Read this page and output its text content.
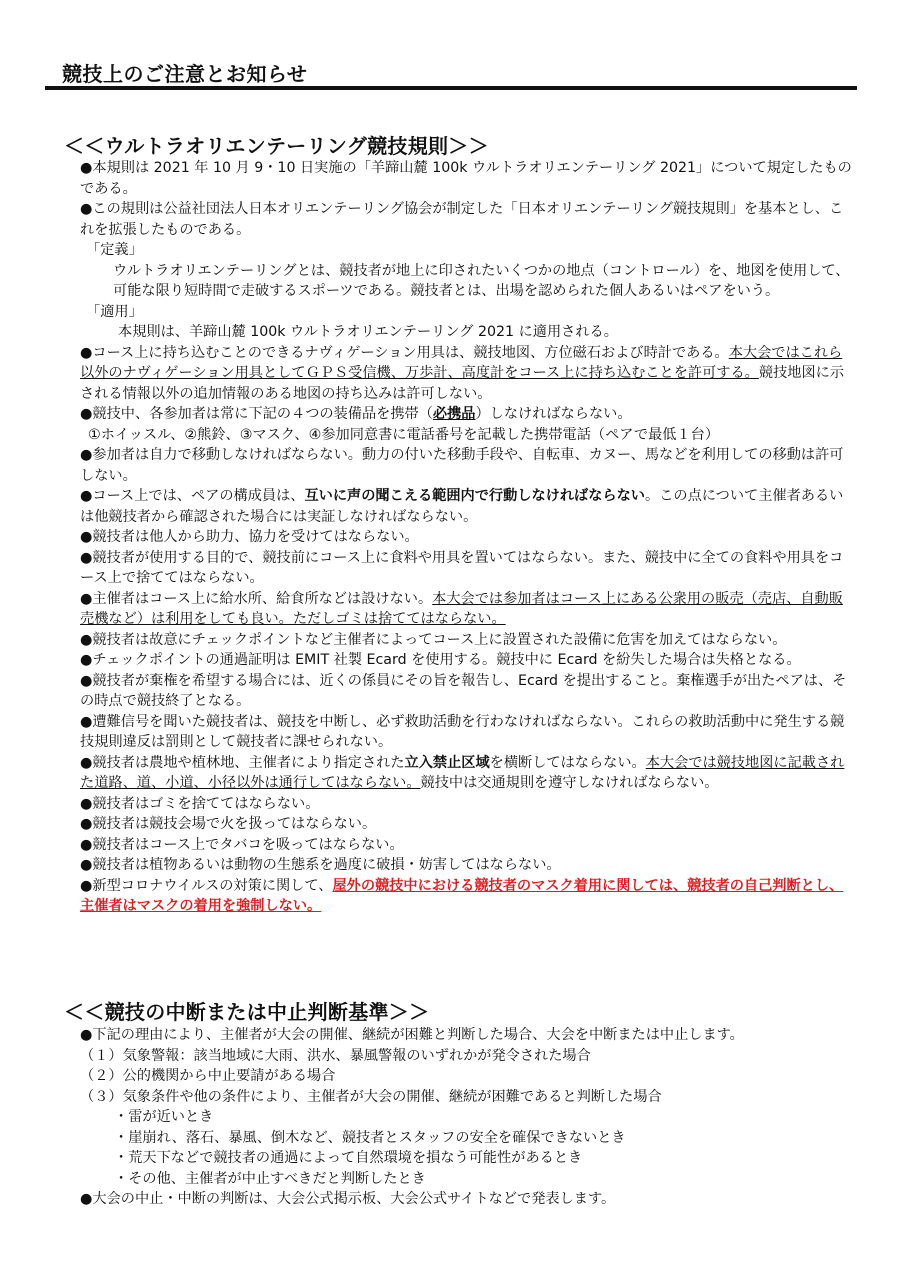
競技上のご注意とお知らせ
＜＜ウルトラオリエンテーリング競技規則＞＞

●本規則は 2021 年 10 月 9・10 日実施の「羊蹄山麓 100k ウルトラオリエンテーリング 2021」について規定したものである。

●この規則は公益社団法人日本オリエンテーリング協会が制定した「日本オリエンテーリング競技規則」を基本とし、これを拡張したものである。

「定義」

ウルトラオリエンテーリングとは、競技者が地上に印されたいくつかの地点（コントロール）を、地図を使用して、可能な限り短時間で走破するスポーツである。競技者とは、出場を認められた個人あるいはペアをいう。

「適用」

本規則は、羊蹄山麓 100k ウルトラオリエンテーリング 2021 に適用される。

●コース上に持ち込むことのできるナヴィゲーション用具は、競技地図、方位磁石および時計である。本大会ではこれら以外のナヴィゲーション用具としてＧＰＳ受信機、万歩計、高度計をコース上に持ち込むことを許可する。競技地図に示される情報以外の追加情報のある地図の持ち込みは許可しない。

●競技中、各参加者は常に下記の４つの装備品を携帯（必携品）しなければならない。

①ホイッスル、②熊鈴、③マスク、④参加同意書に電話番号を記載した携帯電話（ペアで最低１台）

●参加者は自力で移動しなければならない。動力の付いた移動手段や、自転車、カヌー、馬などを利用しての移動は許可しない。

●コース上では、ペアの構成員は、互いに声の聞こえる範囲内で行動しなければならない。この点について主催者あるいは他競技者から確認された場合には実証しなければならない。

●競技者は他人から助力、協力を受けてはならない。

●競技者が使用する目的で、競技前にコース上に食料や用具を置いてはならない。また、競技中に全ての食料や用具をコース上で捨ててはならない。

●主催者はコース上に給水所、給食所などは設けない。本大会では参加者はコース上にある公衆用の販売（売店、自動販売機など）は利用をしても良い。ただしゴミは捨ててはならない。

●競技者は故意にチェックポイントなど主催者によってコース上に設置された設備に危害を加えてはならない。

●チェックポイントの通過証明は EMIT 社製 Ecard を使用する。競技中に Ecard を紛失した場合は失格となる。

●競技者が棄権を希望する場合には、近くの係員にその旨を報告し、Ecard を提出すること。棄権選手が出たペアは、その時点で競技終了となる。

●遭難信号を聞いた競技者は、競技を中断し、必ず救助活動を行わなければならない。これらの救助活動中に発生する競技規則違反は罰則として競技者に課せられない。

●競技者は農地や植林地、主催者により指定された立入禁止区域を横断してはならない。本大会では競技地図に記載された道路、道、小道、小径以外は通行してはならない。競技中は交通規則を遵守しなければならない。

●競技者はゴミを捨ててはならない。

●競技者は競技会場で火を扱ってはならない。

●競技者はコース上でタバコを吸ってはならない。

●競技者は植物あるいは動物の生態系を過度に破損・妨害してはならない。

●新型コロナウイルスの対策に関して、屋外の競技中における競技者のマスク着用に関しては、競技者の自己判断とし、主催者はマスクの着用を強制しない。

＜＜競技の中断または中止判断基準＞＞

●下記の理由により、主催者が大会の開催、継続が困難と判断した場合、大会を中断または中止します。

（１）気象警報：該当地域に大雨、洪水、暴風警報のいずれかが発令された場合

（２）公的機関から中止要請がある場合

（３）気象条件や他の条件により、主催者が大会の開催、継続が困難であると判断した場合

・雷が近いとき

・崖崩れ、落石、暴風、倒木など、競技者とスタッフの安全を確保できないとき

・荒天下などで競技者の通過によって自然環境を損なう可能性があるとき

・その他、主催者が中止すべきだと判断したとき

●大会の中止・中断の判断は、大会公式掲示板、大会公式サイトなどで発表します。
